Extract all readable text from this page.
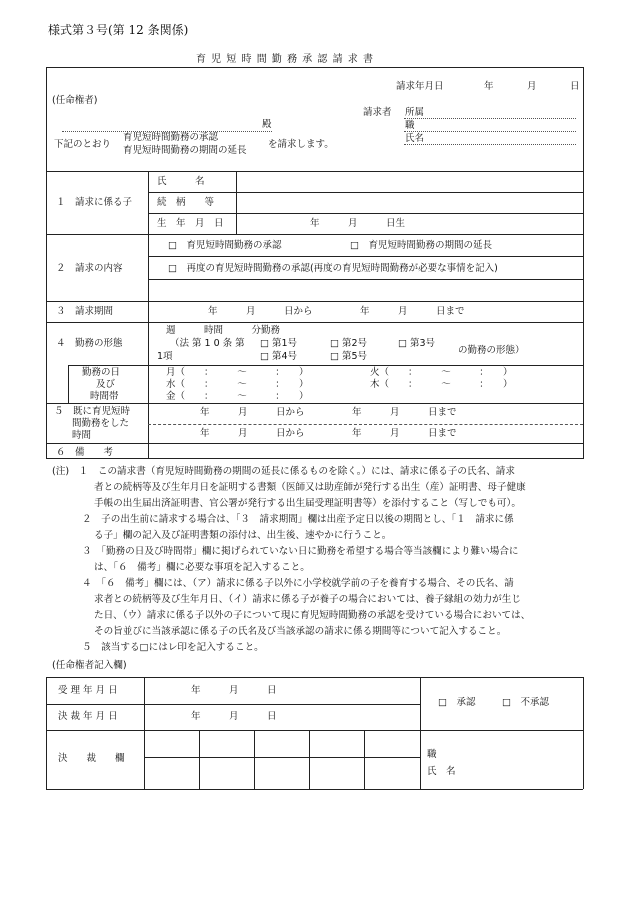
様式第３号(第 12 条関係)
育 児 短 時 間 勤 務 承 認 請 求 書
請求年月日	年	月	日
(任命権者)
請求者 所属
職
氏名
殿
下記のとおり
育児短時間勤務の承認
育児短時間勤務の期間の延長
を請求します。
１　請求に係る子
氏　　　名
続　柄　　等
生　年　月　日	年　　　月　　　日生
２　請求の内容
□　育児短時間勤務の承認	□　育児短時間勤務の期間の延長
□　再度の育児短時間勤務の承認(再度の育児短時間勤務が必要な事情を記入)
３　請求期間	年　　　月　　　日から　　　　　年　　　月　　　日まで
４　勤務の形態
週　　　時間　　　分勤務
（法 第 1 0 条 第
1項
□ 第1号	□ 第2号	□ 第3号
□ 第4号	□ 第5号
の勤務の形態）
勤務の日
及び
時間帯
月（　　：　　　〜　　　：　　）	火（　　：　　　〜　　　：　　）
水（　　：　　　〜　　　：　　）	木（　　：　　　〜　　　：　　）
金（　　：　　　〜　　　：　　）
５　既に育児短時
間勤務をした
時間
年　　　月　　　日から　　　　　年　　　月　　　日まで
年　　　月　　　日から　　　　　年　　　月　　　日まで
６　備　　考
(注)　１　この請求書（育児短時間勤務の期間の延長に係るものを除く。）には、請求に係る子の氏名、請求
者との続柄等及び生年月日を証明する書類（医師又は助産師が発行する出生（産）証明書、母子健康
手帳の出生届出済証明書、官公署が発行する出生届受理証明書等）を添付すること（写しでも可）。
２　子の出生前に請求する場合は、「３　請求期間」欄は出産予定日以後の期間とし、「１　請求に係
る子」欄の記入及び証明書類の添付は、出生後、速やかに行うこと。
３　「勤務の日及び時間帯」欄に掲げられていない日に勤務を希望する場合等当該欄により難い場合に
は、「６　備考」欄に必要な事項を記入すること。
４　「６　備考」欄には、（ア）請求に係る子以外に小学校就学前の子を養育する場合、その氏名、請
求者との続柄等及び生年月日、（イ）請求に係る子が養子の場合においては、養子縁組の効力が生じ
た日、（ウ）請求に係る子以外の子について現に育児短時間勤務の承認を受けている場合においては、
その旨並びに当該承認に係る子の氏名及び当該承認の請求に係る期間等について記入すること。
５　該当する□にはレ印を記入すること。
(任命権者記入欄)
受 理 年 月 日	年　　　月　　　日
決 裁 年 月 日	年　　　月　　　日
□　承認	□　不承認
決　　裁　　欄	職
氏　名
